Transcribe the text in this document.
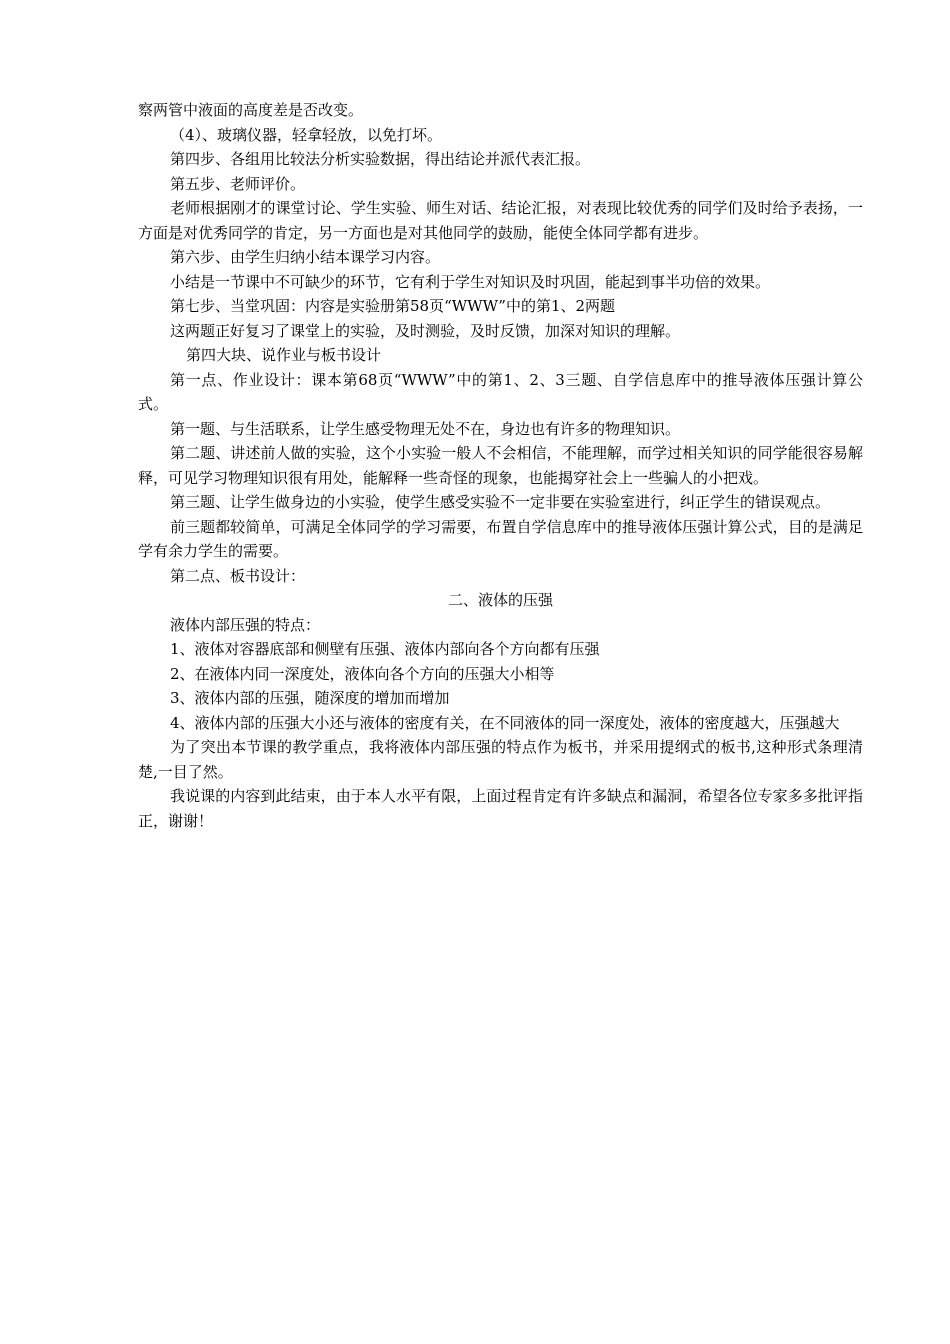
察两管中液面的高度差是否改变。

（4）、玻璃仪器，轻拿轻放，以免打坏。

第四步、各组用比较法分析实验数据，得出结论并派代表汇报。

第五步、老师评价。

老师根据刚才的课堂讨论、学生实验、师生对话、结论汇报，对表现比较优秀的同学们及时给予表扬，一方面是对优秀同学的肯定，另一方面也是对其他同学的鼓励，能使全体同学都有进步。

第六步、由学生归纳小结本课学习内容。

小结是一节课中不可缺少的环节，它有利于学生对知识及时巩固，能起到事半功倍的效果。

第七步、当堂巩固：内容是实验册第58页“WWW”中的第1、2两题

这两题正好复习了课堂上的实验，及时测验，及时反馈，加深对知识的理解。

第四大块、说作业与板书设计

第一点、作业设计：课本第68页“WWW”中的第1、2、3三题、自学信息库中的推导液体压强计算公式。

第一题、与生活联系，让学生感受物理无处不在，身边也有许多的物理知识。

第二题、讲述前人做的实验，这个小实验一般人不会相信，不能理解，而学过相关知识的同学能很容易解释，可见学习物理知识很有用处，能解释一些奇怪的现象，也能揭穿社会上一些骗人的小把戏。

第三题、让学生做身边的小实验，使学生感受实验不一定非要在实验室进行，纠正学生的错误观点。

前三题都较简单，可满足全体同学的学习需要，布置自学信息库中的推导液体压强计算公式，目的是满足学有余力学生的需要。

第二点、板书设计：

二、液体的压强

液体内部压强的特点：

1、液体对容器底部和侧壁有压强、液体内部向各个方向都有压强

2、在液体内同一深度处，液体向各个方向的压强大小相等

3、液体内部的压强，随深度的增加而增加

4、液体内部的压强大小还与液体的密度有关，在不同液体的同一深度处，液体的密度越大，压强越大

为了突出本节课的教学重点，我将液体内部压强的特点作为板书，并采用提纲式的板书,这种形式条理清楚,一目了然。

我说课的内容到此结束，由于本人水平有限，上面过程肯定有许多缺点和漏洞，希望各位专家多多批评指正，谢谢！
